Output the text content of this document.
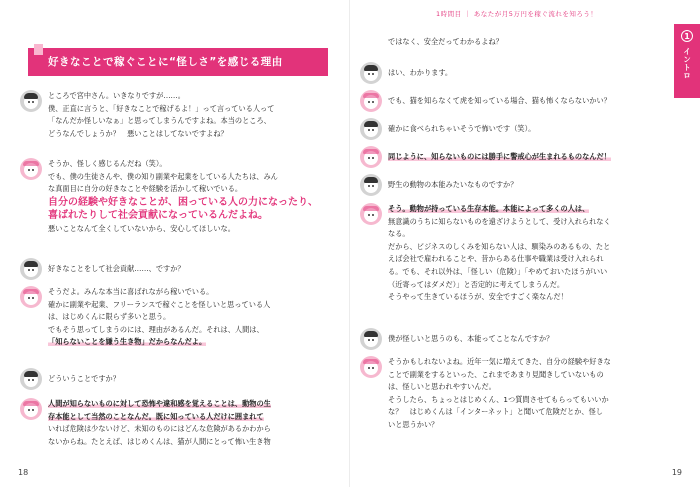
好きなことで稼ぐことに“怪しさ”を感じる理由
ところで宮中さん。いきなりですが……。
僕、正直に言うと、「好きなことで稼げるよ！」って言っている人って
「なんだか怪しいなぁ」と思ってしまうんですよね。本当のところ、
どうなんでしょうか？　悪いことはしてないですよね？
そうか、怪しく感じるんだね（笑）。
でも、僕の生徒さんや、僕の知り副業や起業をしている人たちは、みん
な真面目に自分の好きなことや経験を活かして稼いでいる。
自分の経験や好きなことが、困っている人の力になったり、
喜ばれたりして社会貢献になっているんだよね。
悪いことなんて全くしていないから、安心してほしいな。
好きなことをして社会貢献……、ですか？
そうだよ。みんな本当に喜ばれながら稼いでいる。
確かに副業や起業、フリーランスで稼ぐことを怪しいと思っている人
は、はじめくんに限らず多いと思う。
でもそう思ってしまうのには、理由があるんだ。それは、人間は、
「知らないことを嫌う生き物」だからなんだよ。
どういうことですか？
人間が知らないものに対して恐怖や違和感を覚えることは、動物の生
存本能として当然のことなんだ。既に知っている人だけに囲まれて
いれば危険は少ないけど、未知のものにはどんな危険があるかわから
ないからね。たとえば、はじめくんは、猫が人間にとって怖い生き物
18
1時間目 ｜ あなたが月5万円を稼ぐ流れを知ろう！
1
イントロ
ではなく、安全だってわかるよね？
はい、わかります。
でも、猫を知らなくて虎を知っている場合、猫も怖くならないかい？
確かに食べられちゃいそうで怖いです（笑）。
同じように、知らないものには勝手に警戒心が生まれるものなんだ！
野生の動物の本能みたいなものですか？
そう。動物が持っている生存本能。本能によって多くの人は、
無意識のうちに知らないものを遠ざけようとして、受け入れられなく
なる。
だから、ビジネスのしくみを知らない人は、馴染みのあるもの、たと
えば会社で雇われることや、昔からある仕事や職業は受け入れられ
る。でも、それ以外は、「怪しい（危険）」「やめておいたほうがいい
（近寄ってはダメだ）」と否定的に考えてしまうんだ。
そうやって生きているほうが、安全ですごく楽なんだ！
僕が怪しいと思うのも、本能ってことなんですか？
そうかもしれないよね。近年一気に増えてきた、自分の経験や好きな
ことで副業をするといった、これまであまり見聞きしていないもの
は、怪しいと思われやすいんだ。
そうしたら、ちょっとはじめくん、1つ質問させてもらってもいいか
な？　はじめくんは「インターネット」と聞いて危険だとか、怪し
いと思うかい？
19
